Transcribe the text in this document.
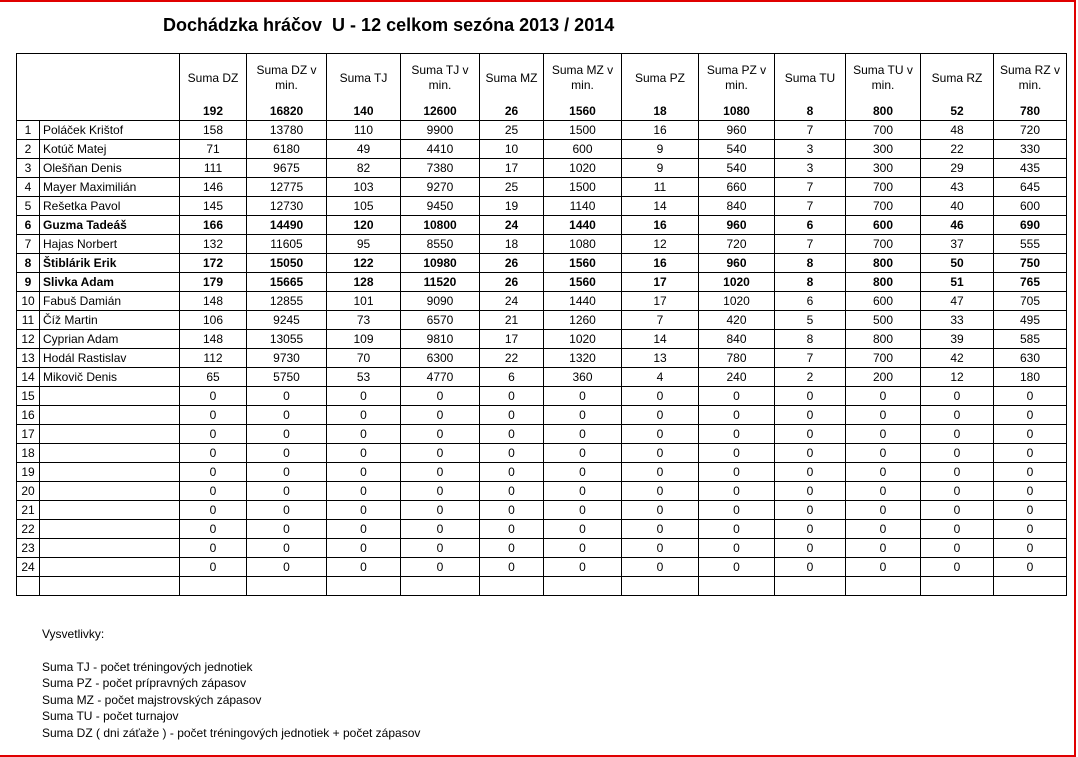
Dochádzka hráčov  U - 12 celkom sezóna 2013 / 2014
		Suma DZ	Suma DZ v min.	Suma TJ	Suma TJ v min.	Suma MZ	Suma MZ v min.	Suma PZ	Suma PZ v min.	Suma TU	Suma TU v min.	Suma RZ	Suma RZ v min.
		192	16820	140	12600	26	1560	18	1080	8	800	52	780
1	Poláček Krištof	158	13780	110	9900	25	1500	16	960	7	700	48	720
2	Kotúč Matej	71	6180	49	4410	10	600	9	540	3	300	22	330
3	Olešňan Denis	111	9675	82	7380	17	1020	9	540	3	300	29	435
4	Mayer Maximilián	146	12775	103	9270	25	1500	11	660	7	700	43	645
5	Rešetka Pavol	145	12730	105	9450	19	1140	14	840	7	700	40	600
6	Guzma Tadeáš	166	14490	120	10800	24	1440	16	960	6	600	46	690
7	Hajas Norbert	132	11605	95	8550	18	1080	12	720	7	700	37	555
8	Štiblárik Erik	172	15050	122	10980	26	1560	16	960	8	800	50	750
9	Slivka Adam	179	15665	128	11520	26	1560	17	1020	8	800	51	765
10	Fabuš Damián	148	12855	101	9090	24	1440	17	1020	6	600	47	705
11	Číž Martin	106	9245	73	6570	21	1260	7	420	5	500	33	495
12	Cyprian Adam	148	13055	109	9810	17	1020	14	840	8	800	39	585
13	Hodál Rastislav	112	9730	70	6300	22	1320	13	780	7	700	42	630
14	Mikovič Denis	65	5750	53	4770	6	360	4	240	2	200	12	180
15		0	0	0	0	0	0	0	0	0	0	0	0
16		0	0	0	0	0	0	0	0	0	0	0	0
17		0	0	0	0	0	0	0	0	0	0	0	0
18		0	0	0	0	0	0	0	0	0	0	0	0
19		0	0	0	0	0	0	0	0	0	0	0	0
20		0	0	0	0	0	0	0	0	0	0	0	0
21		0	0	0	0	0	0	0	0	0	0	0	0
22		0	0	0	0	0	0	0	0	0	0	0	0
23		0	0	0	0	0	0	0	0	0	0	0	0
24		0	0	0	0	0	0	0	0	0	0	0	0

Vysvetlivky:
Suma TJ - počet tréningových jednotiek
Suma PZ - počet prípravných zápasov
Suma MZ - počet majstrovských zápasov
Suma TU - počet turnajov
Suma DZ ( dni záťaže ) - počet tréningových jednotiek + počet zápasov
